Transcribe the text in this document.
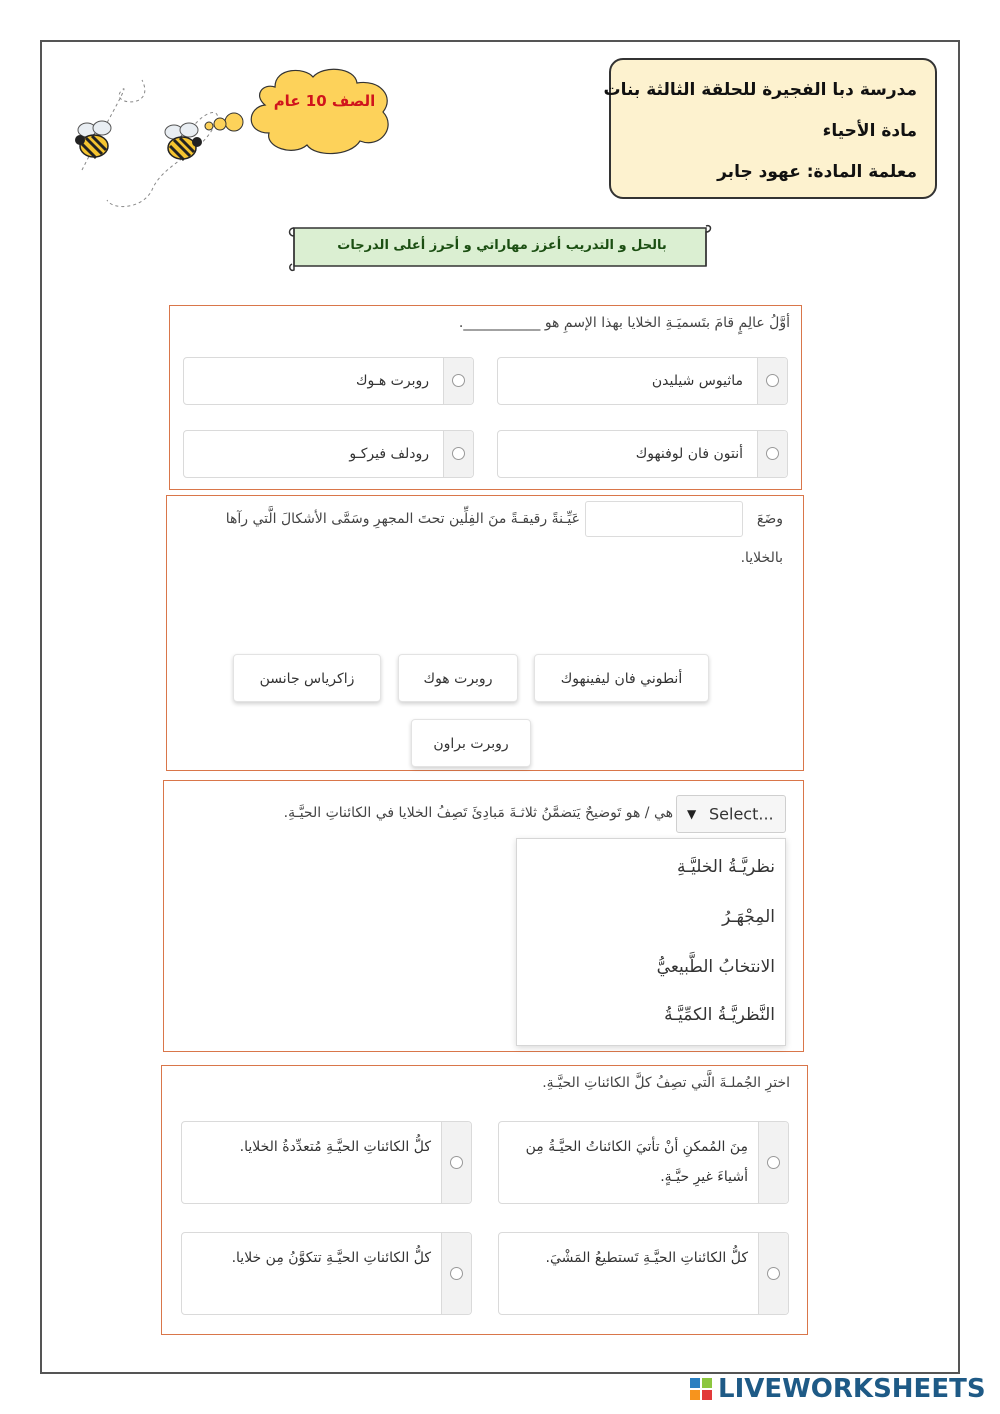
مدرسة دبا الفجيرة للحلقة الثالثة بنات
مادة الأحياء
معلمة المادة: عهود جابر
الصف 10 عام
بالحل و التدريب أعزز مهاراتي و أحرز أعلى الدرجات
أوَّلُ عالِمٍ قامَ بتَسميَـةِ الخلايا بهذا الإسمِ هو ___________.
ماثيوس شيليدن
روبرت هـوك
أنتون فان لوفنهوك
رودلف فيركـو
وضَعَ
عَيِّـنةً رقيقـةً منَ الفِلِّين تحتَ المجهرِ وسَمَّى الأشكالَ الَّتي رآها
بالخلايا.
أنطوني فان ليفينهوك
روبرت هوك
زاكرياس جانسن
روبرت براون
▼ Select...
هي / هو تَوضيحٌ يَتضمَّنُ ثلاثـةَ مَبادِئَ تَصِفُ الخلايا في الكائناتِ الحيَّـةِ.
نظريَّـةُ الخليَّـةِ
المِجْهَـرُ
الانتخابُ الطَّبيعيُّ
النَّظريَّـةُ الكمِّيَّـةُ
اخترِ الجُملـةَ الَّتي تصِفُ كلَّ الكائناتِ الحيَّـةِ.
مِنَ المُمكنِ أنْ تأتيَ الكائناتُ الحيَّـةُ مِن أشياءَ غيرِ حيَّـةٍ.
كلُّ الكائناتِ الحيَّـةِ مُتعدِّدةُ الخلايا.
كلُّ الكائناتِ الحيَّـةِ تَستطيعُ المَشْيَ.
كلُّ الكائناتِ الحيَّـةِ تتكوَّنُ مِن خلايا.
LIVEWORKSHEETS
